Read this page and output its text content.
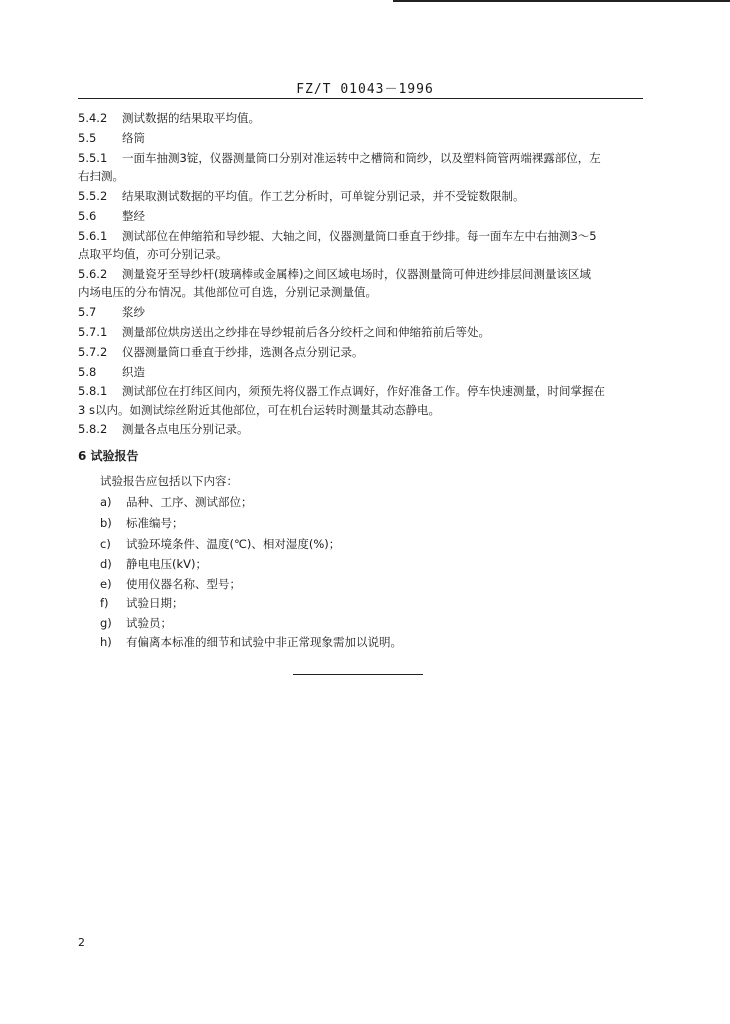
FZ/T 01043－1996
5.4.2 测试数据的结果取平均值。
5.5 络筒
5.5.1 一面车抽测3锭，仪器测量筒口分别对准运转中之槽筒和筒纱，以及塑料筒管两端裸露部位，左
右扫测。
5.5.2 结果取测试数据的平均值。作工艺分析时，可单锭分别记录，并不受锭数限制。
5.6 整经
5.6.1 测试部位在伸缩筘和导纱辊、大轴之间，仪器测量筒口垂直于纱排。每一面车左中右抽测3～5
点取平均值，亦可分别记录。
5.6.2 测量瓷牙至导纱杆(玻璃棒或金属棒)之间区域电场时，仪器测量筒可伸进纱排层间测量该区域
内场电压的分布情况。其他部位可自选，分别记录测量值。
5.7 浆纱
5.7.1 测量部位烘房送出之纱排在导纱辊前后各分绞杆之间和伸缩筘前后等处。
5.7.2 仪器测量筒口垂直于纱排，选测各点分别记录。
5.8 织造
5.8.1 测试部位在打纬区间内，须预先将仪器工作点调好，作好准备工作。停车快速测量，时间掌握在
3 s以内。如测试综丝附近其他部位，可在机台运转时测量其动态静电。
5.8.2 测量各点电压分别记录。
6 试验报告
试验报告应包括以下内容：
a) 品种、工序、测试部位；
b) 标准编号；
c) 试验环境条件、温度(℃)、相对湿度(%)；
d) 静电电压(kV)；
e) 使用仪器名称、型号；
f) 试验日期；
g) 试验员；
h) 有偏离本标准的细节和试验中非正常现象需加以说明。
2
